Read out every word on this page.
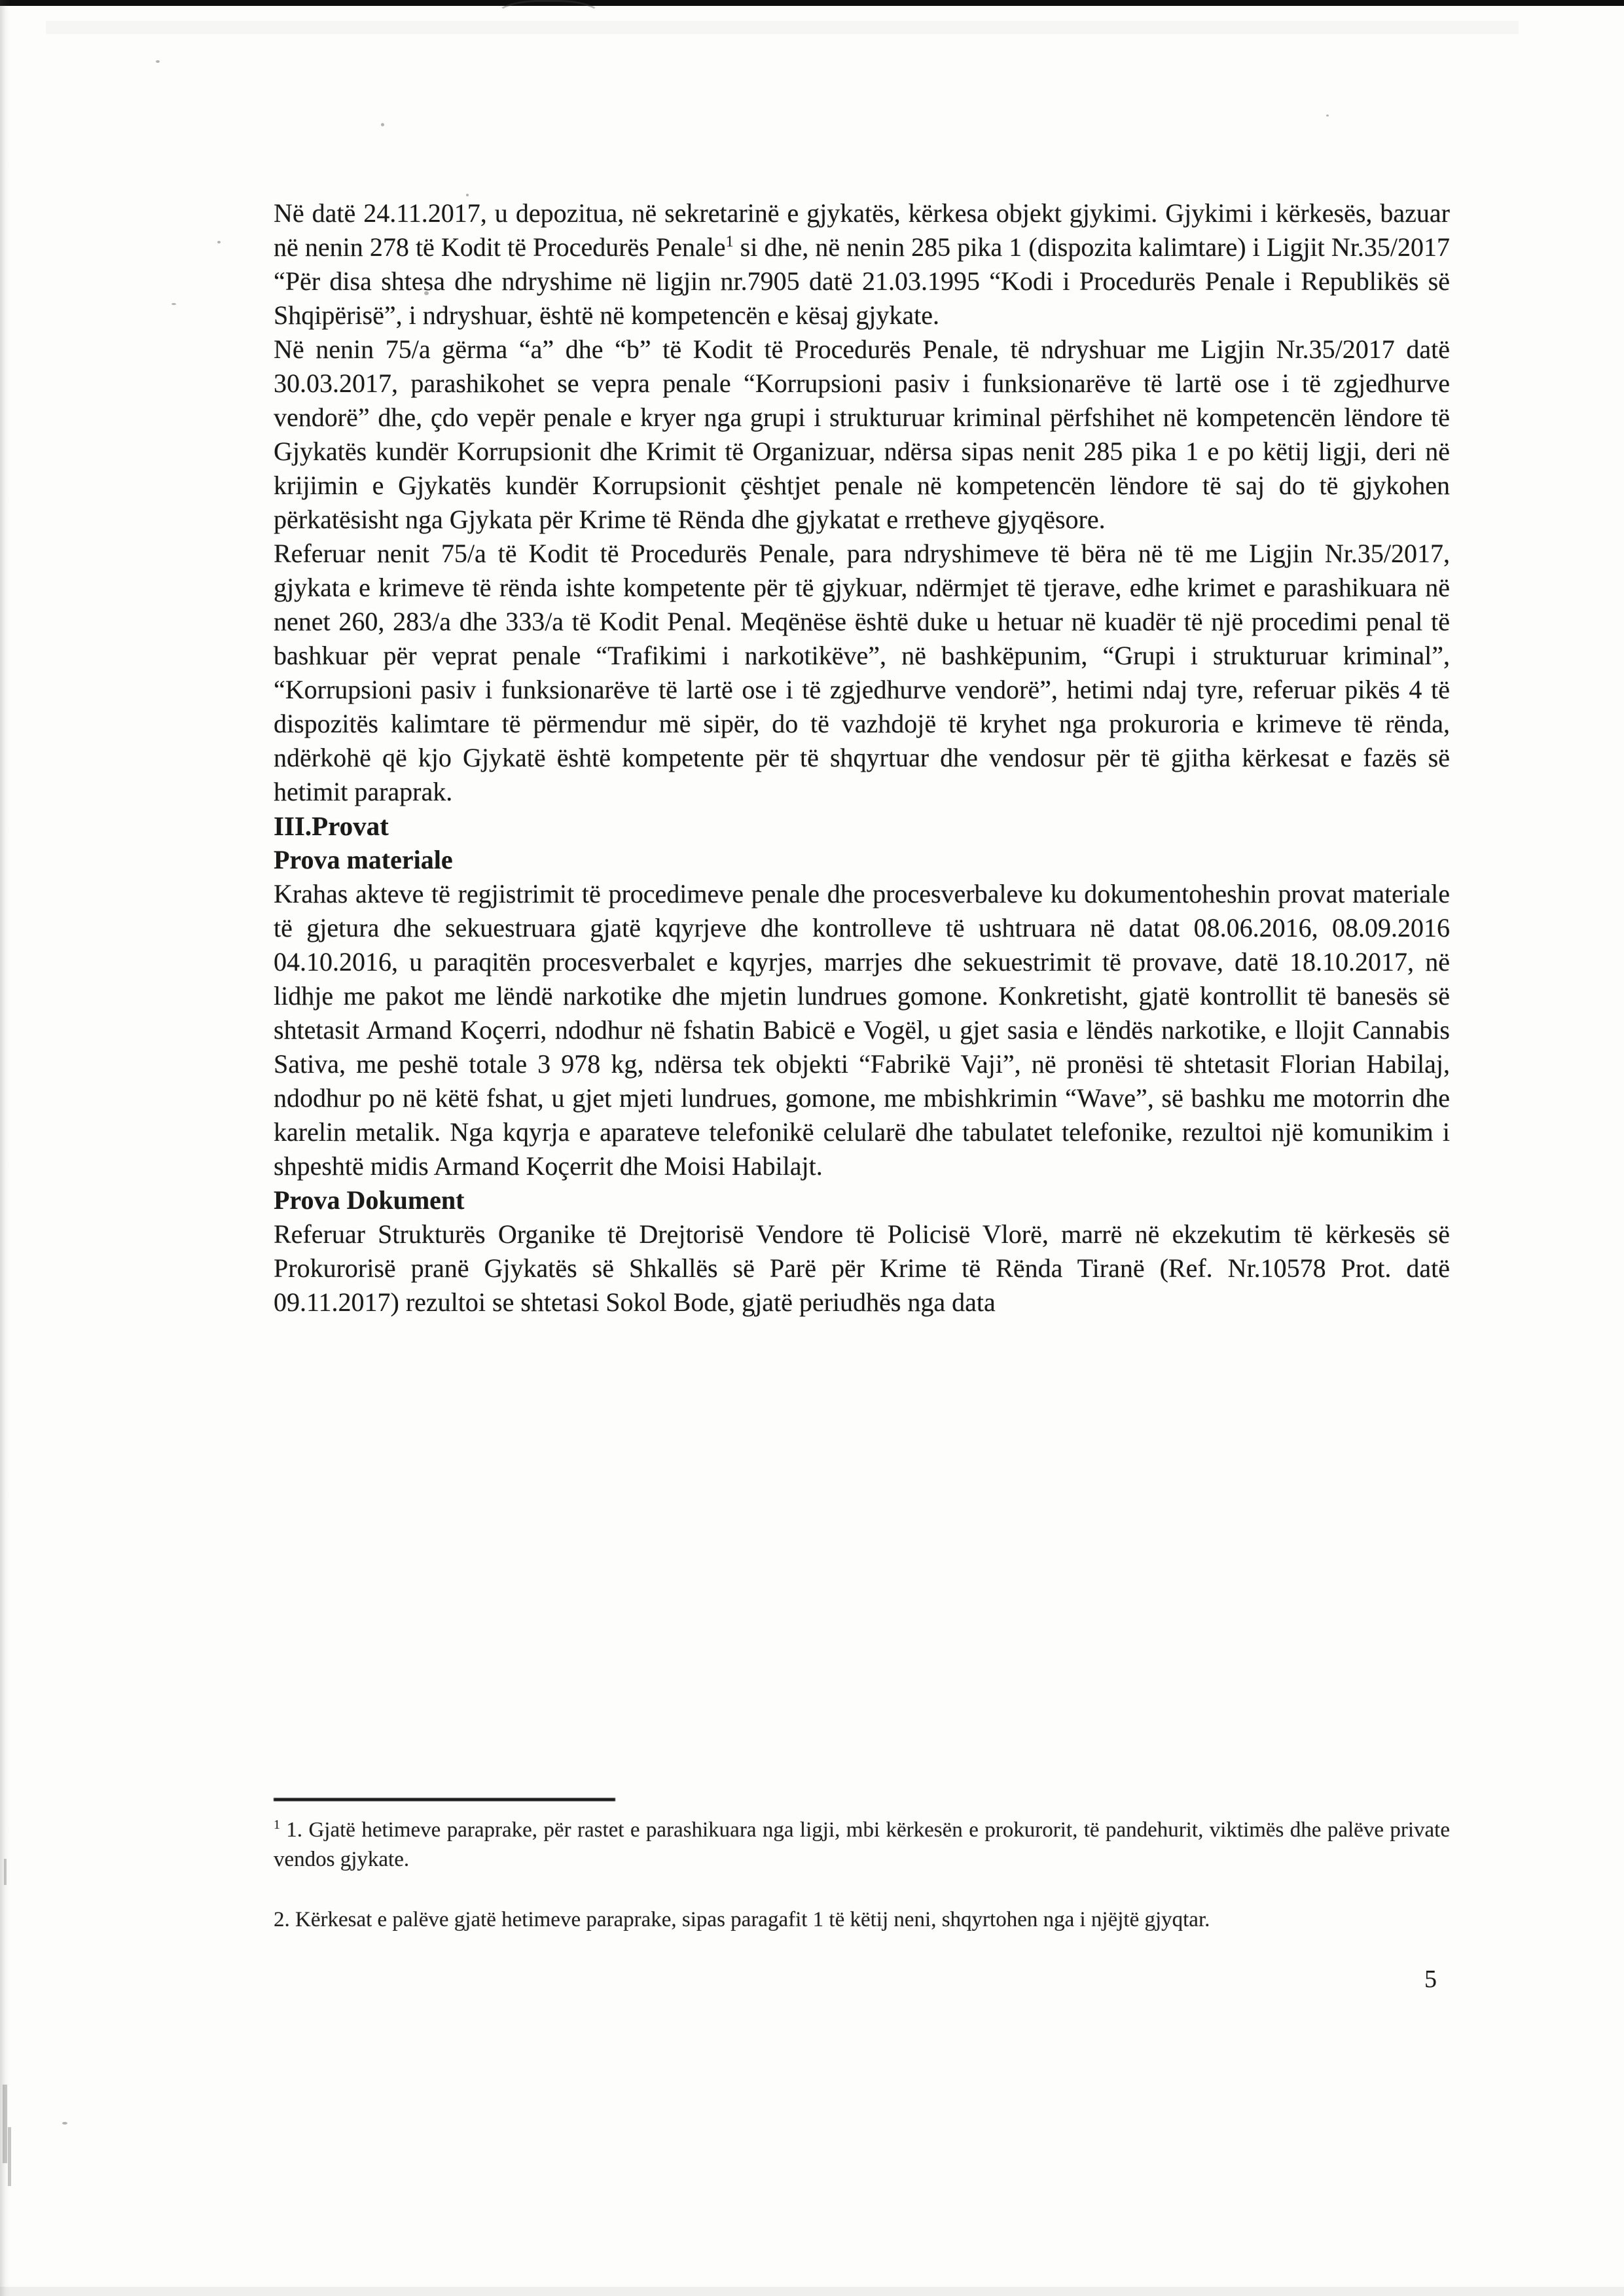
Në datë 24.11.2017, u depozitua, në sekretarinë e gjykatës, kërkesa objekt gjykimi. Gjykimi i kërkesës, bazuar në nenin 278 të Kodit të Procedurës Penale$^1$ si dhe, në nenin 285 pika 1 (dispozita kalimtare) i Ligjit Nr.35/2017 “Për disa shtesa dhe ndryshime në ligjin nr.7905 datë 21.03.1995 “Kodi i Procedurës Penale i Republikës së Shqipërisë”, i ndryshuar, është në kompetencën e kësaj gjykate.

Në nenin 75/a gërma “a” dhe “b” të Kodit të Procedurës Penale, të ndryshuar me Ligjin Nr.35/2017 datë 30.03.2017, parashikohet se vepra penale “Korrupsioni pasiv i funksionarëve të lartë ose i të zgjedhurve vendorë” dhe, çdo vepër penale e kryer nga grupi i strukturuar kriminal përfshihet në kompetencën lëndore të Gjykatës kundër Korrupsionit dhe Krimit të Organizuar, ndërsa sipas nenit 285 pika 1 e po këtij ligji, deri në krijimin e Gjykatës kundër Korrupsionit çështjet penale në kompetencën lëndore të saj do të gjykohen përkatësisht nga Gjykata për Krime të Rënda dhe gjykatat e rretheve gjyqësore.

Referuar nenit 75/a të Kodit të Procedurës Penale, para ndryshimeve të bëra në të me Ligjin Nr.35/2017, gjykata e krimeve të rënda ishte kompetente për të gjykuar, ndërmjet të tjerave, edhe krimet e parashikuara në nenet 260, 283/a dhe 333/a të Kodit Penal. Meqënëse është duke u hetuar në kuadër të një procedimi penal të bashkuar për veprat penale “Trafikimi i narkotikëve”, në bashkëpunim, “Grupi i strukturuar kriminal”, “Korrupsioni pasiv i funksionarëve të lartë ose i të zgjedhurve vendorë”, hetimi ndaj tyre, referuar pikës 4 të dispozitës kalimtare të përmendur më sipër, do të vazhdojë të kryhet nga prokuroria e krimeve të rënda, ndërkohë që kjo Gjykatë është kompetente për të shqyrtuar dhe vendosur për të gjitha kërkesat e fazës së hetimit paraprak.

III.Provat

Prova materiale

Krahas akteve të regjistrimit të procedimeve penale dhe procesverbaleve ku dokumentoheshin provat materiale të gjetura dhe sekuestruara gjatë kqyrjeve dhe kontrolleve të ushtruara në datat 08.06.2016, 08.09.2016 04.10.2016, u paraqitën procesverbalet e kqyrjes, marrjes dhe sekuestrimit të provave, datë 18.10.2017, në lidhje me pakot me lëndë narkotike dhe mjetin lundrues gomone. Konkretisht, gjatë kontrollit të banesës së shtetasit Armand Koçerri, ndodhur në fshatin Babicë e Vogël, u gjet sasia e lëndës narkotike, e llojit Cannabis Sativa, me peshë totale 3 978 kg, ndërsa tek objekti “Fabrikë Vaji”, në pronësi të shtetasit Florian Habilaj, ndodhur po në këtë fshat, u gjet mjeti lundrues, gomone, me mbishkrimin “Wave”, së bashku me motorrin dhe karelin metalik. Nga kqyrja e aparateve telefonikë celularë dhe tabulatet telefonike, rezultoi një komunikim i shpeshtë midis Armand Koçerrit dhe Moisi Habilajt.

Prova Dokument

Referuar Strukturës Organike të Drejtorisë Vendore të Policisë Vlorë, marrë në ekzekutim të kërkesës së Prokurorisë pranë Gjykatës së Shkallës së Parë për Krime të Rënda Tiranë (Ref. Nr.10578 Prot. datë 09.11.2017) rezultoi se shtetasi Sokol Bode, gjatë periudhës nga data

$^1$ 1. Gjatë hetimeve paraprake, për rastet e parashikuara nga ligji, mbi kërkesën e prokurorit, të pandehurit, viktimës dhe palëve private vendos gjykate.

2. Kërkesat e palëve gjatë hetimeve paraprake, sipas paragafit 1 të këtij neni, shqyrtohen nga i njëjtë gjyqtar.

5
